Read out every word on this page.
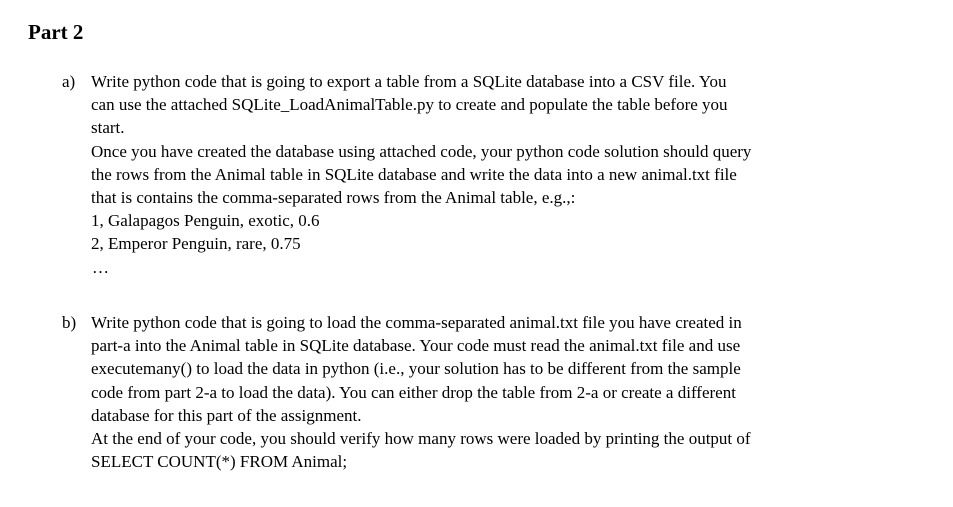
Part 2
a) Write python code that is going to export a table from a SQLite database into a CSV file. You
can use the attached SQLite_LoadAnimalTable.py to create and populate the table before you
start.
Once you have created the database using attached code, your python code solution should query
the rows from the Animal table in SQLite database and write the data into a new animal.txt file
that is contains the comma-separated rows from the Animal table, e.g.,:
1, Galapagos Penguin, exotic, 0.6
2, Emperor Penguin, rare, 0.75
…
b) Write python code that is going to load the comma-separated animal.txt file you have created in
part-a into the Animal table in SQLite database. Your code must read the animal.txt file and use
executemany() to load the data in python (i.e., your solution has to be different from the sample
code from part 2-a to load the data). You can either drop the table from 2-a or create a different
database for this part of the assignment.
At the end of your code, you should verify how many rows were loaded by printing the output of
SELECT COUNT(*) FROM Animal;
